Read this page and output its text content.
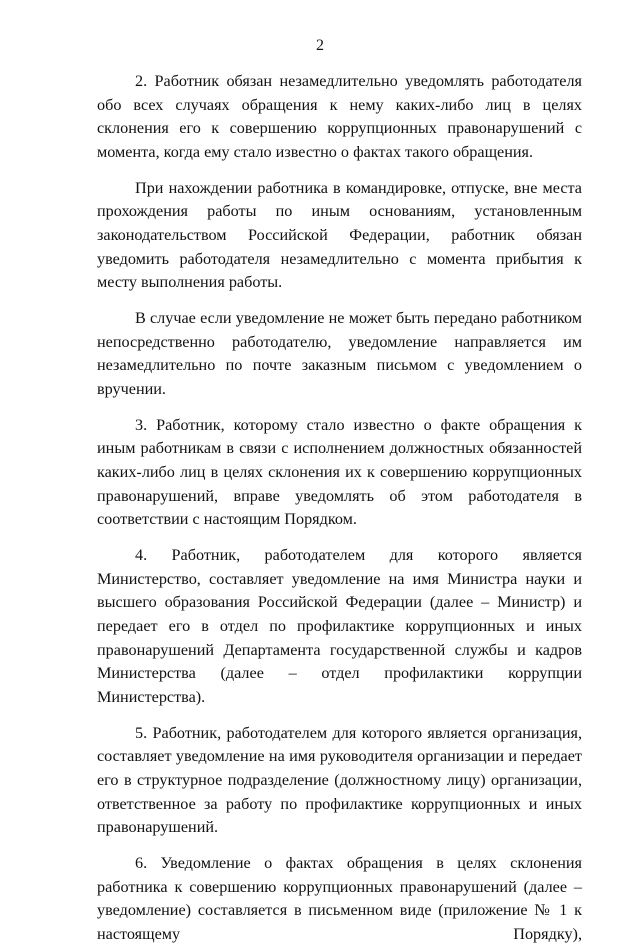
2

2. Работник обязан незамедлительно уведомлять работодателя обо всех случаях обращения к нему каких-либо лиц в целях склонения его к совершению коррупционных правонарушений с момента, когда ему стало известно о фактах такого обращения.

При нахождении работника в командировке, отпуске, вне места прохождения работы по иным основаниям, установленным законодательством Российской Федерации, работник обязан уведомить работодателя незамедлительно с момента прибытия к месту выполнения работы.

В случае если уведомление не может быть передано работником непосредственно работодателю, уведомление направляется им незамедлительно по почте заказным письмом с уведомлением о вручении.

3. Работник, которому стало известно о факте обращения к иным работникам в связи с исполнением должностных обязанностей каких-либо лиц в целях склонения их к совершению коррупционных правонарушений, вправе уведомлять об этом работодателя в соответствии с настоящим Порядком.

4. Работник, работодателем для которого является Министерство, составляет уведомление на имя Министра науки и высшего образования Российской Федерации (далее – Министр) и передает его в отдел по профилактике коррупционных и иных правонарушений Департамента государственной службы и кадров Министерства (далее – отдел профилактики коррупции Министерства).

5. Работник, работодателем для которого является организация, составляет уведомление на имя руководителя организации и передает его в структурное подразделение (должностному лицу) организации, ответственное за работу по профилактике коррупционных и иных правонарушений.

6. Уведомление о фактах обращения в целях склонения работника к совершению коррупционных правонарушений (далее – уведомление) составляется в письменном виде (приложение № 1 к настоящему Порядку),
